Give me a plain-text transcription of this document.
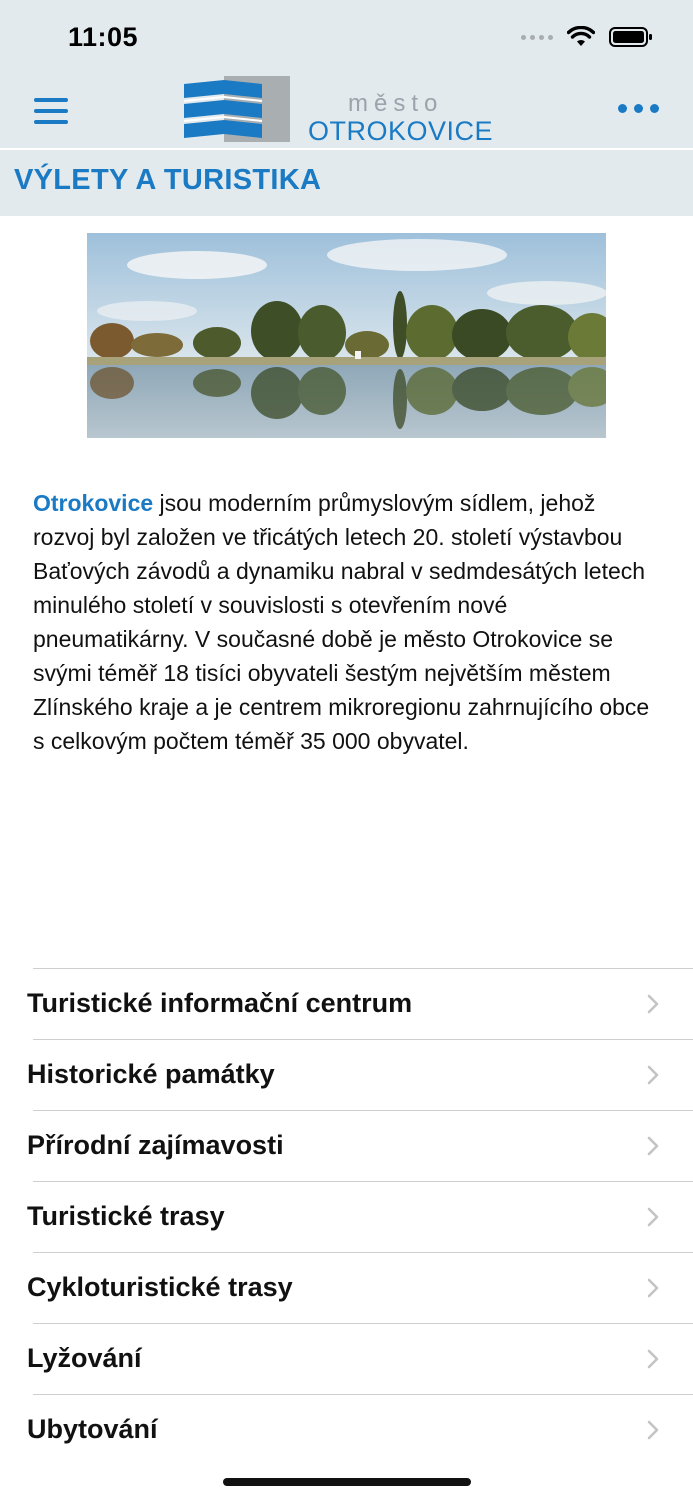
11:05
město
OTROKOVICE
VÝLETY A TURISTIKA
Otrokovice jsou moderním průmyslovým sídlem, jehož rozvoj byl založen ve třicátých letech 20. století výstavbou Baťových závodů a dynamiku nabral v sedmdesátých letech minulého století v souvislosti s otevřením nové pneumatikárny. V současné době je město Otrokovice se svými téměř 18 tisíci obyvateli šestým největším městem Zlínského kraje a je centrem mikroregionu zahrnujícího obce s celkovým počtem téměř 35 000 obyvatel.
Turistické informační centrum
Historické památky
Přírodní zajímavosti
Turistické trasy
Cykloturistické trasy
Lyžování
Ubytování
